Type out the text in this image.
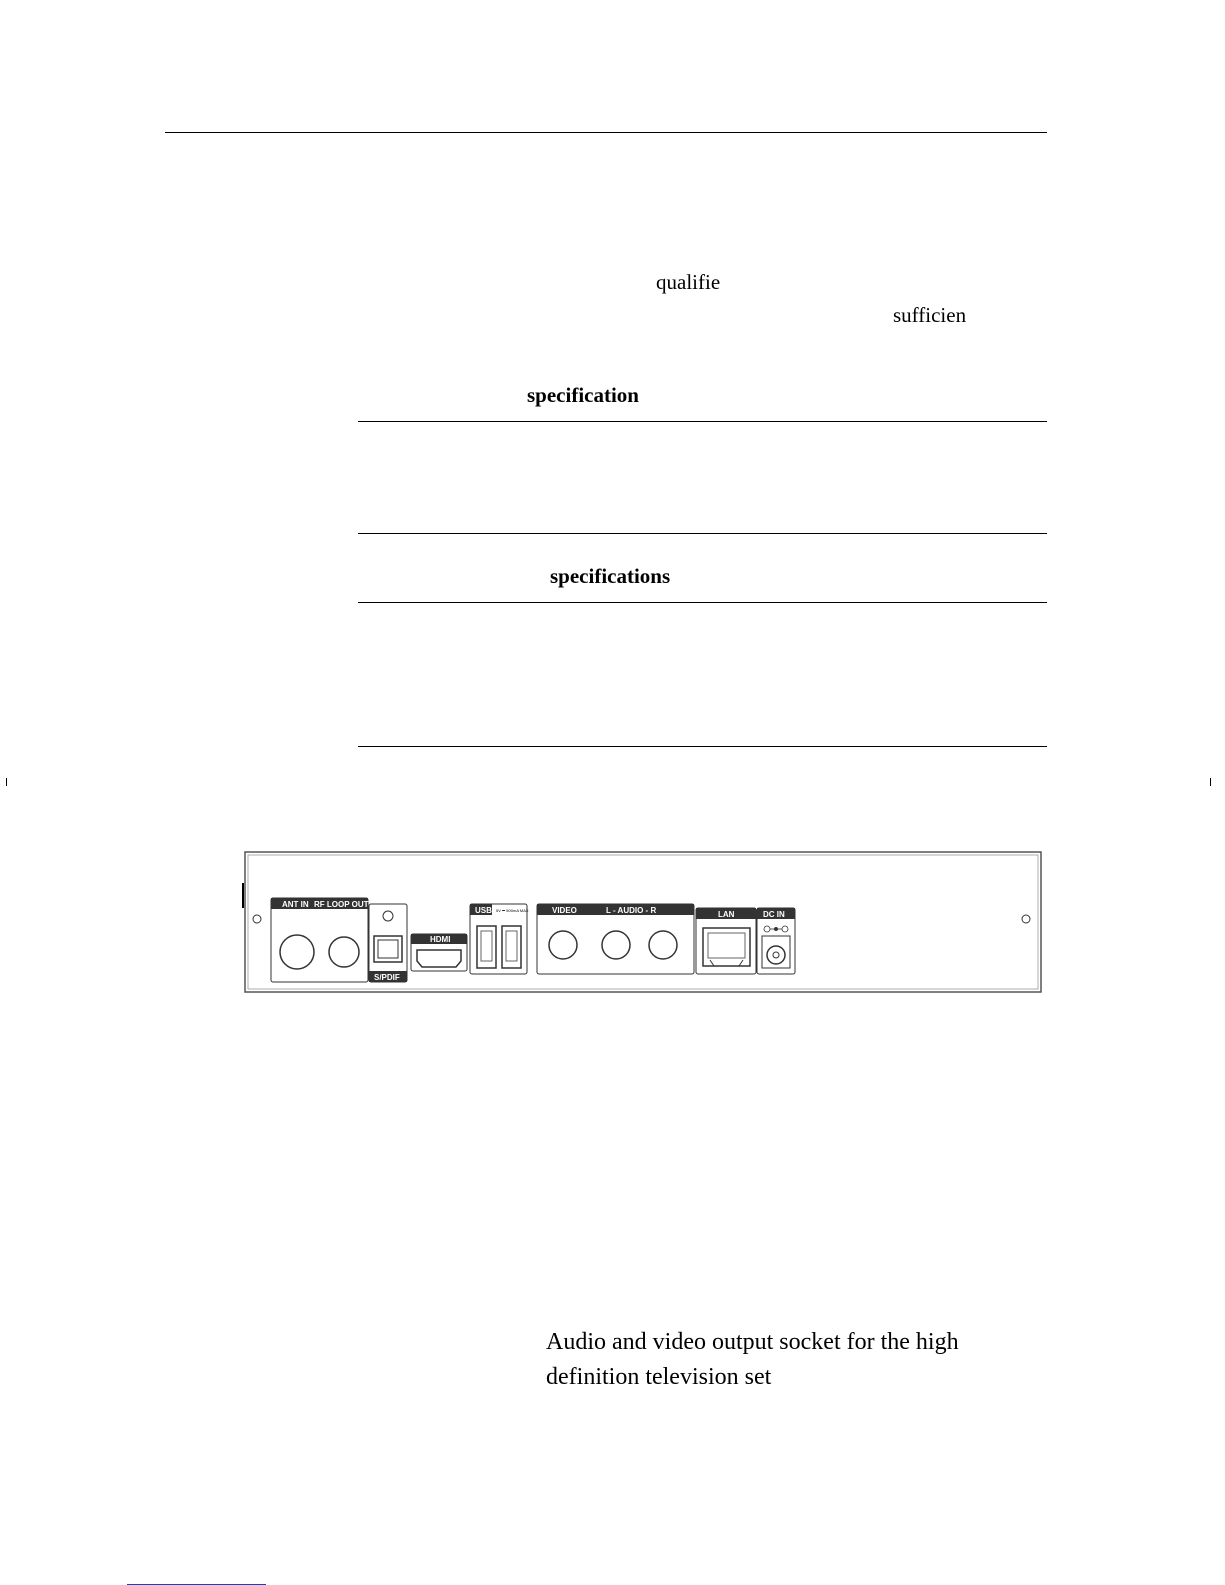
qualifie
sufficien
specification
specifications
ANT IN RF LOOP OUT
S/PDIF
HDMI
USB 5V ⎓ 500mA MAX	VIDEO	L - AUDIO - R	LAN	DC IN
Audio and video output socket for the high
definition television set
